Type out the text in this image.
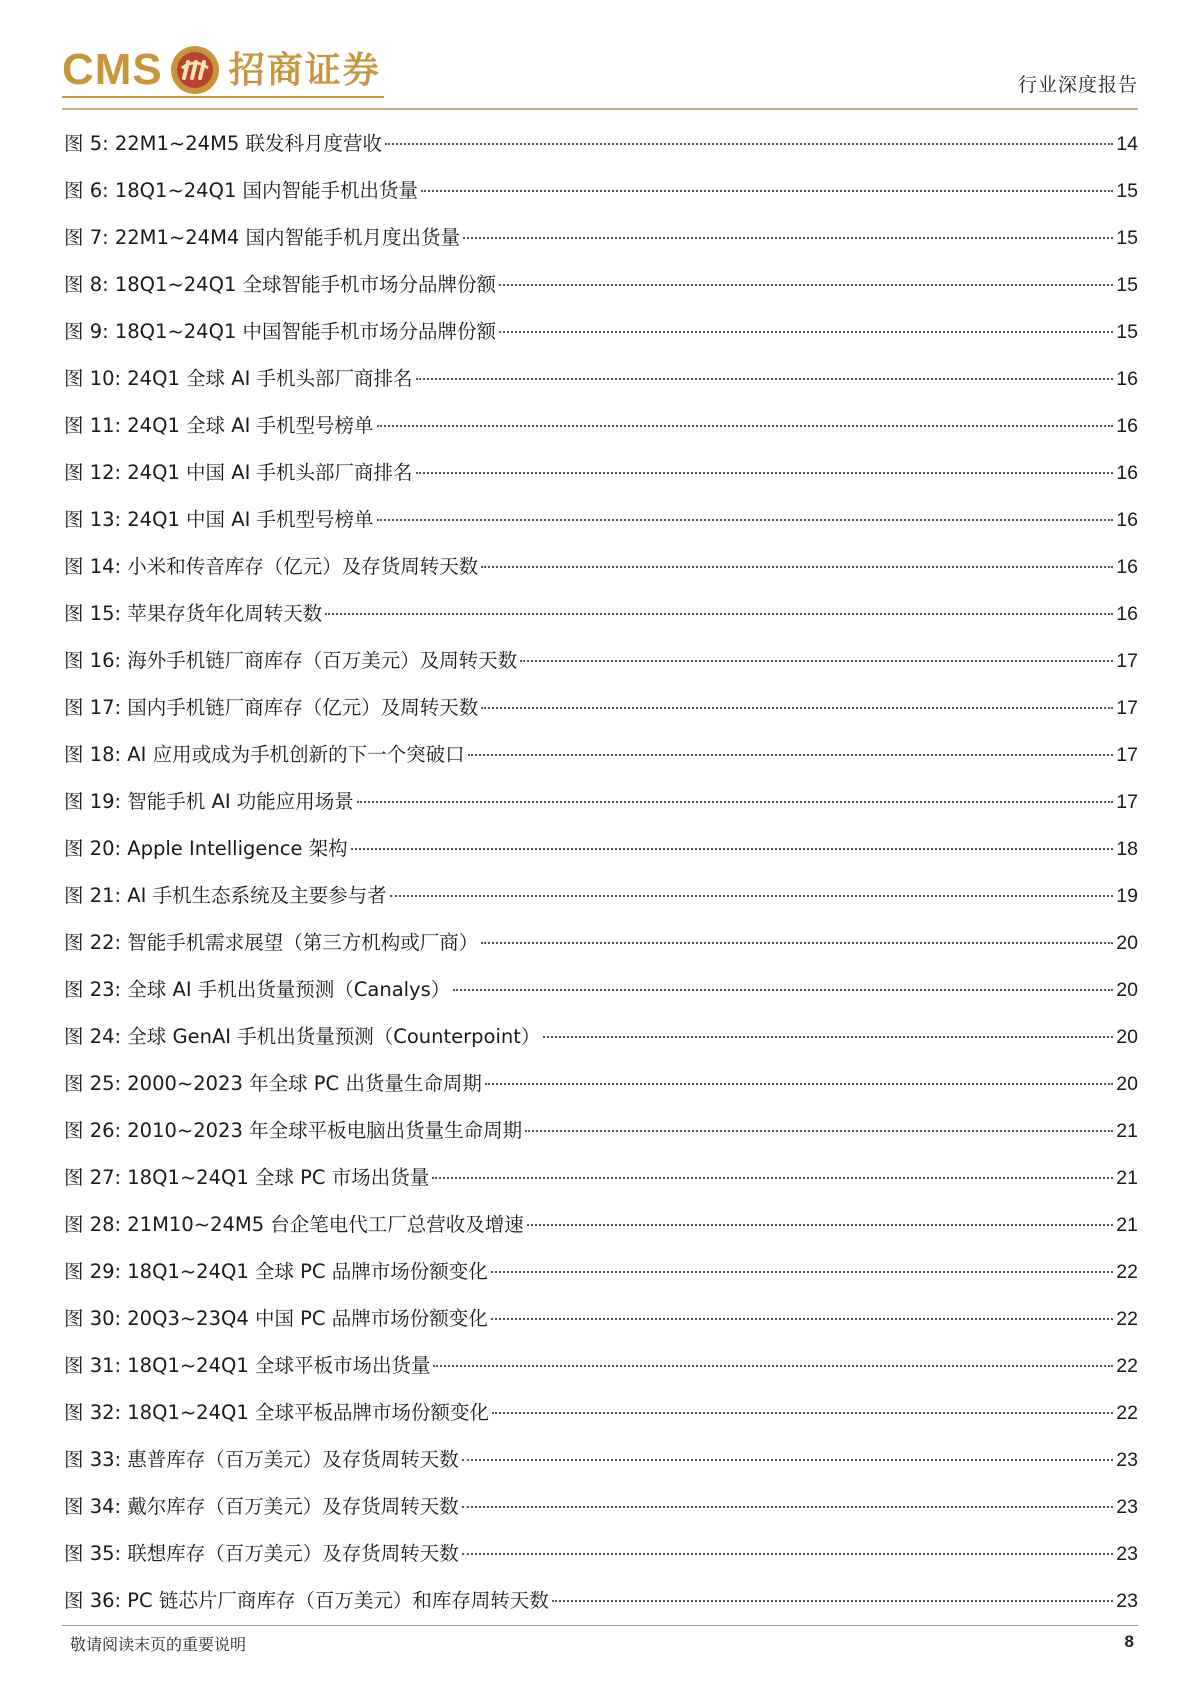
CMS 招商证券	行业深度报告
图 5: 22M1~24M5 联发科月度营收	14
图 6: 18Q1~24Q1 国内智能手机出货量	15
图 7: 22M1~24M4 国内智能手机月度出货量	15
图 8: 18Q1~24Q1 全球智能手机市场分品牌份额	15
图 9: 18Q1~24Q1 中国智能手机市场分品牌份额	15
图 10: 24Q1 全球 AI 手机头部厂商排名	16
图 11: 24Q1 全球 AI 手机型号榜单	16
图 12: 24Q1 中国 AI 手机头部厂商排名	16
图 13: 24Q1 中国 AI 手机型号榜单	16
图 14: 小米和传音库存（亿元）及存货周转天数	16
图 15: 苹果存货年化周转天数	16
图 16: 海外手机链厂商库存（百万美元）及周转天数	17
图 17: 国内手机链厂商库存（亿元）及周转天数	17
图 18: AI 应用或成为手机创新的下一个突破口	17
图 19: 智能手机 AI 功能应用场景	17
图 20: Apple Intelligence 架构	18
图 21: AI 手机生态系统及主要参与者	19
图 22: 智能手机需求展望（第三方机构或厂商）	20
图 23: 全球 AI 手机出货量预测（Canalys）	20
图 24: 全球 GenAI 手机出货量预测（Counterpoint）	20
图 25: 2000~2023 年全球 PC 出货量生命周期	20
图 26: 2010~2023 年全球平板电脑出货量生命周期	21
图 27: 18Q1~24Q1 全球 PC 市场出货量	21
图 28: 21M10~24M5 台企笔电代工厂总营收及增速	21
图 29: 18Q1~24Q1 全球 PC 品牌市场份额变化	22
图 30: 20Q3~23Q4 中国 PC 品牌市场份额变化	22
图 31: 18Q1~24Q1 全球平板市场出货量	22
图 32: 18Q1~24Q1 全球平板品牌市场份额变化	22
图 33: 惠普库存（百万美元）及存货周转天数	23
图 34: 戴尔库存（百万美元）及存货周转天数	23
图 35: 联想库存（百万美元）及存货周转天数	23
图 36: PC 链芯片厂商库存（百万美元）和库存周转天数	23
敬请阅读末页的重要说明	8
